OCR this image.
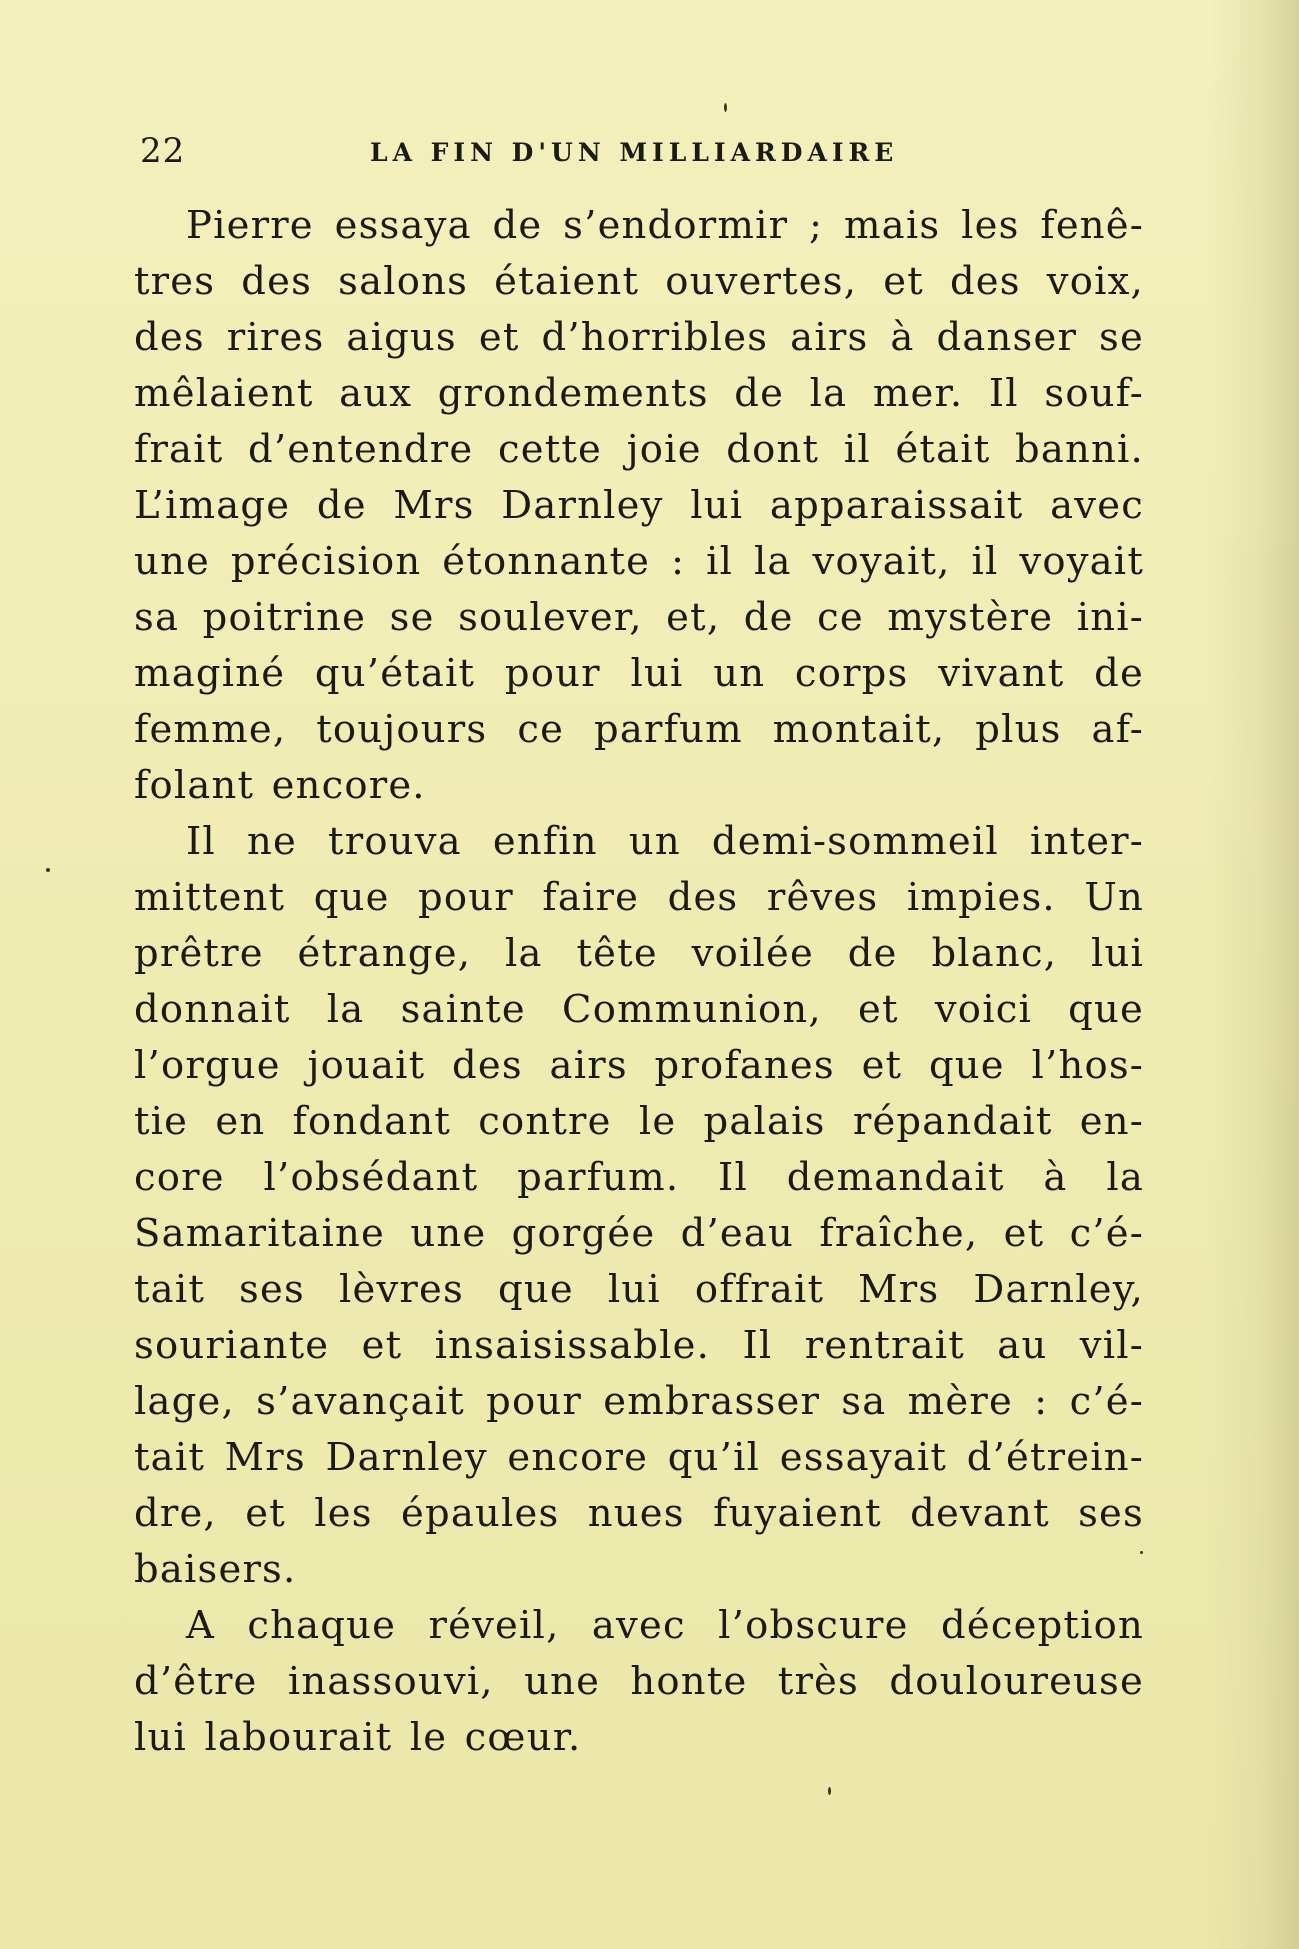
22	LA FIN D'UN MILLIARDAIRE
Pierre essaya de s’endormir ; mais les fenê-
tres des salons étaient ouvertes, et des voix,
des rires aigus et d’horribles airs à danser se
mêlaient aux grondements de la mer. Il souf-
frait d’entendre cette joie dont il était banni.
L’image de Mrs Darnley lui apparaissait avec
une précision étonnante : il la voyait, il voyait
sa poitrine se soulever, et, de ce mystère ini-
maginé qu’était pour lui un corps vivant de
femme, toujours ce parfum montait, plus af-
folant encore.
Il ne trouva enfin un demi-sommeil inter-
mittent que pour faire des rêves impies. Un
prêtre étrange, la tête voilée de blanc, lui
donnait la sainte Communion, et voici que
l’orgue jouait des airs profanes et que l’hos-
tie en fondant contre le palais répandait en-
core l’obsédant parfum. Il demandait à la
Samaritaine une gorgée d’eau fraîche, et c’é-
tait ses lèvres que lui offrait Mrs Darnley,
souriante et insaisissable. Il rentrait au vil-
lage, s’avançait pour embrasser sa mère : c’é-
tait Mrs Darnley encore qu’il essayait d’étrein-
dre, et les épaules nues fuyaient devant ses
baisers.
A chaque réveil, avec l’obscure déception
d’être inassouvi, une honte très douloureuse
lui labourait le cœur.
